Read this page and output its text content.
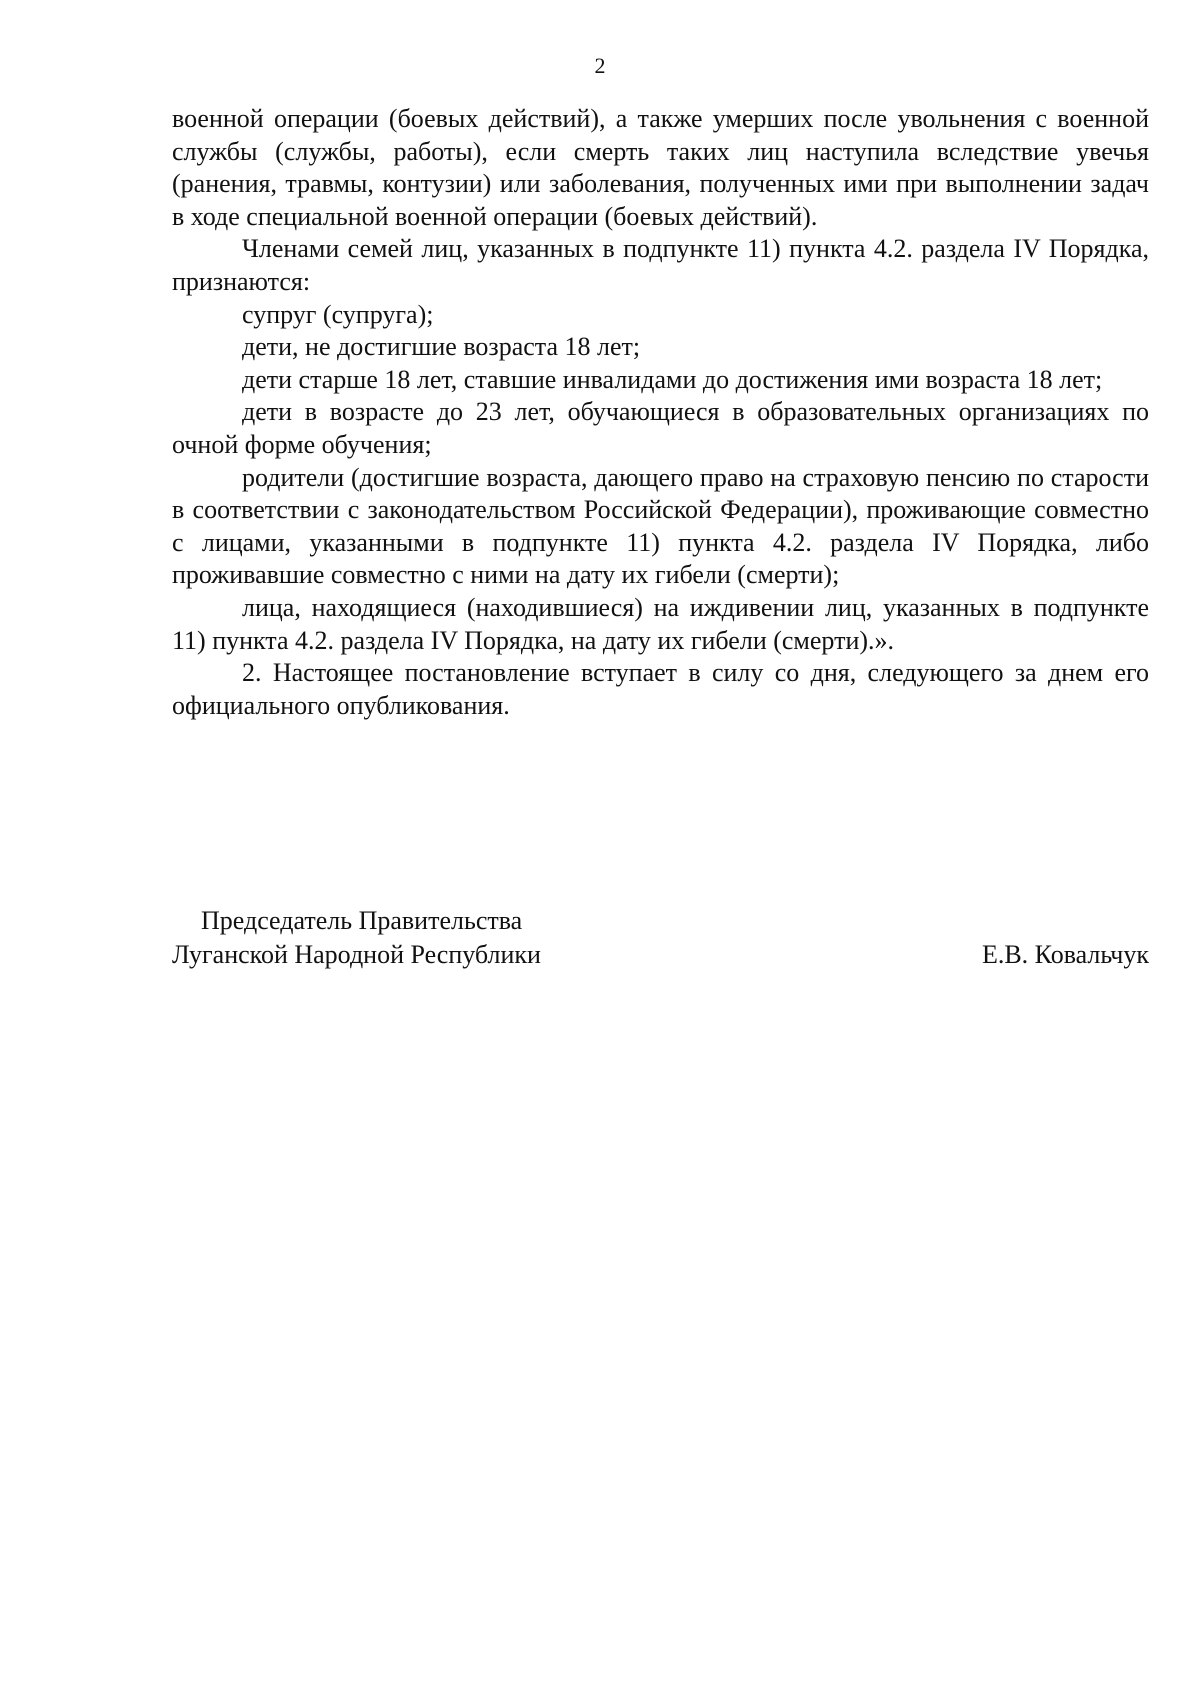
2

военной операции (боевых действий), а также умерших после увольнения с военной службы (службы, работы), если смерть таких лиц наступила вследствие увечья (ранения, травмы, контузии) или заболевания, полученных ими при выполнении задач в ходе специальной военной операции (боевых действий).

Членами семей лиц, указанных в подпункте 11) пункта 4.2. раздела IV Порядка, признаются:

супруг (супруга);

дети, не достигшие возраста 18 лет;

дети старше 18 лет, ставшие инвалидами до достижения ими возраста 18 лет;

дети в возрасте до 23 лет, обучающиеся в образовательных организациях по очной форме обучения;

родители (достигшие возраста, дающего право на страховую пенсию по старости в соответствии с законодательством Российской Федерации), проживающие совместно с лицами, указанными в подпункте 11) пункта 4.2. раздела IV Порядка, либо проживавшие совместно с ними на дату их гибели (смерти);

лица, находящиеся (находившиеся) на иждивении лиц, указанных в подпункте 11) пункта 4.2. раздела IV Порядка, на дату их гибели (смерти).».

2. Настоящее постановление вступает в силу со дня, следующего за днем его официального опубликования.

Председатель Правительства
Луганской Народной Республики	Е.В. Ковальчук
